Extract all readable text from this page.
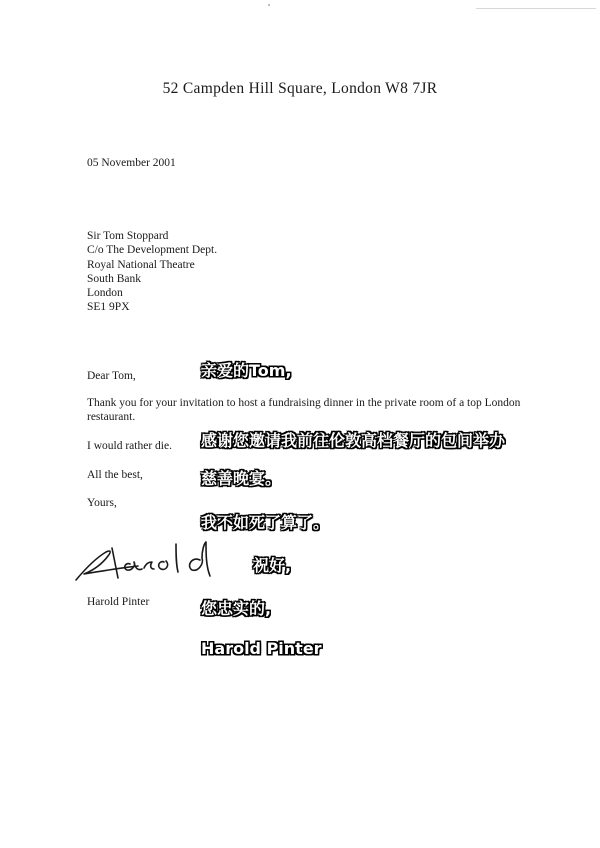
52 Campden Hill Square, London W8 7JR
05 November 2001
Sir Tom Stoppard
C/o The Development Dept.
Royal National Theatre
South Bank
London
SE1 9PX
Dear Tom,
Thank you for your invitation to host a fundraising dinner in the private room of a top London restaurant.
I would rather die.
All the best,
Yours,
Harold Pinter
亲爱的Tom,
感谢您邀请我前往伦敦高档餐厅的包间举办
慈善晚宴。
我不如死了算了。
祝好,
您忠实的,
Harold Pinter
